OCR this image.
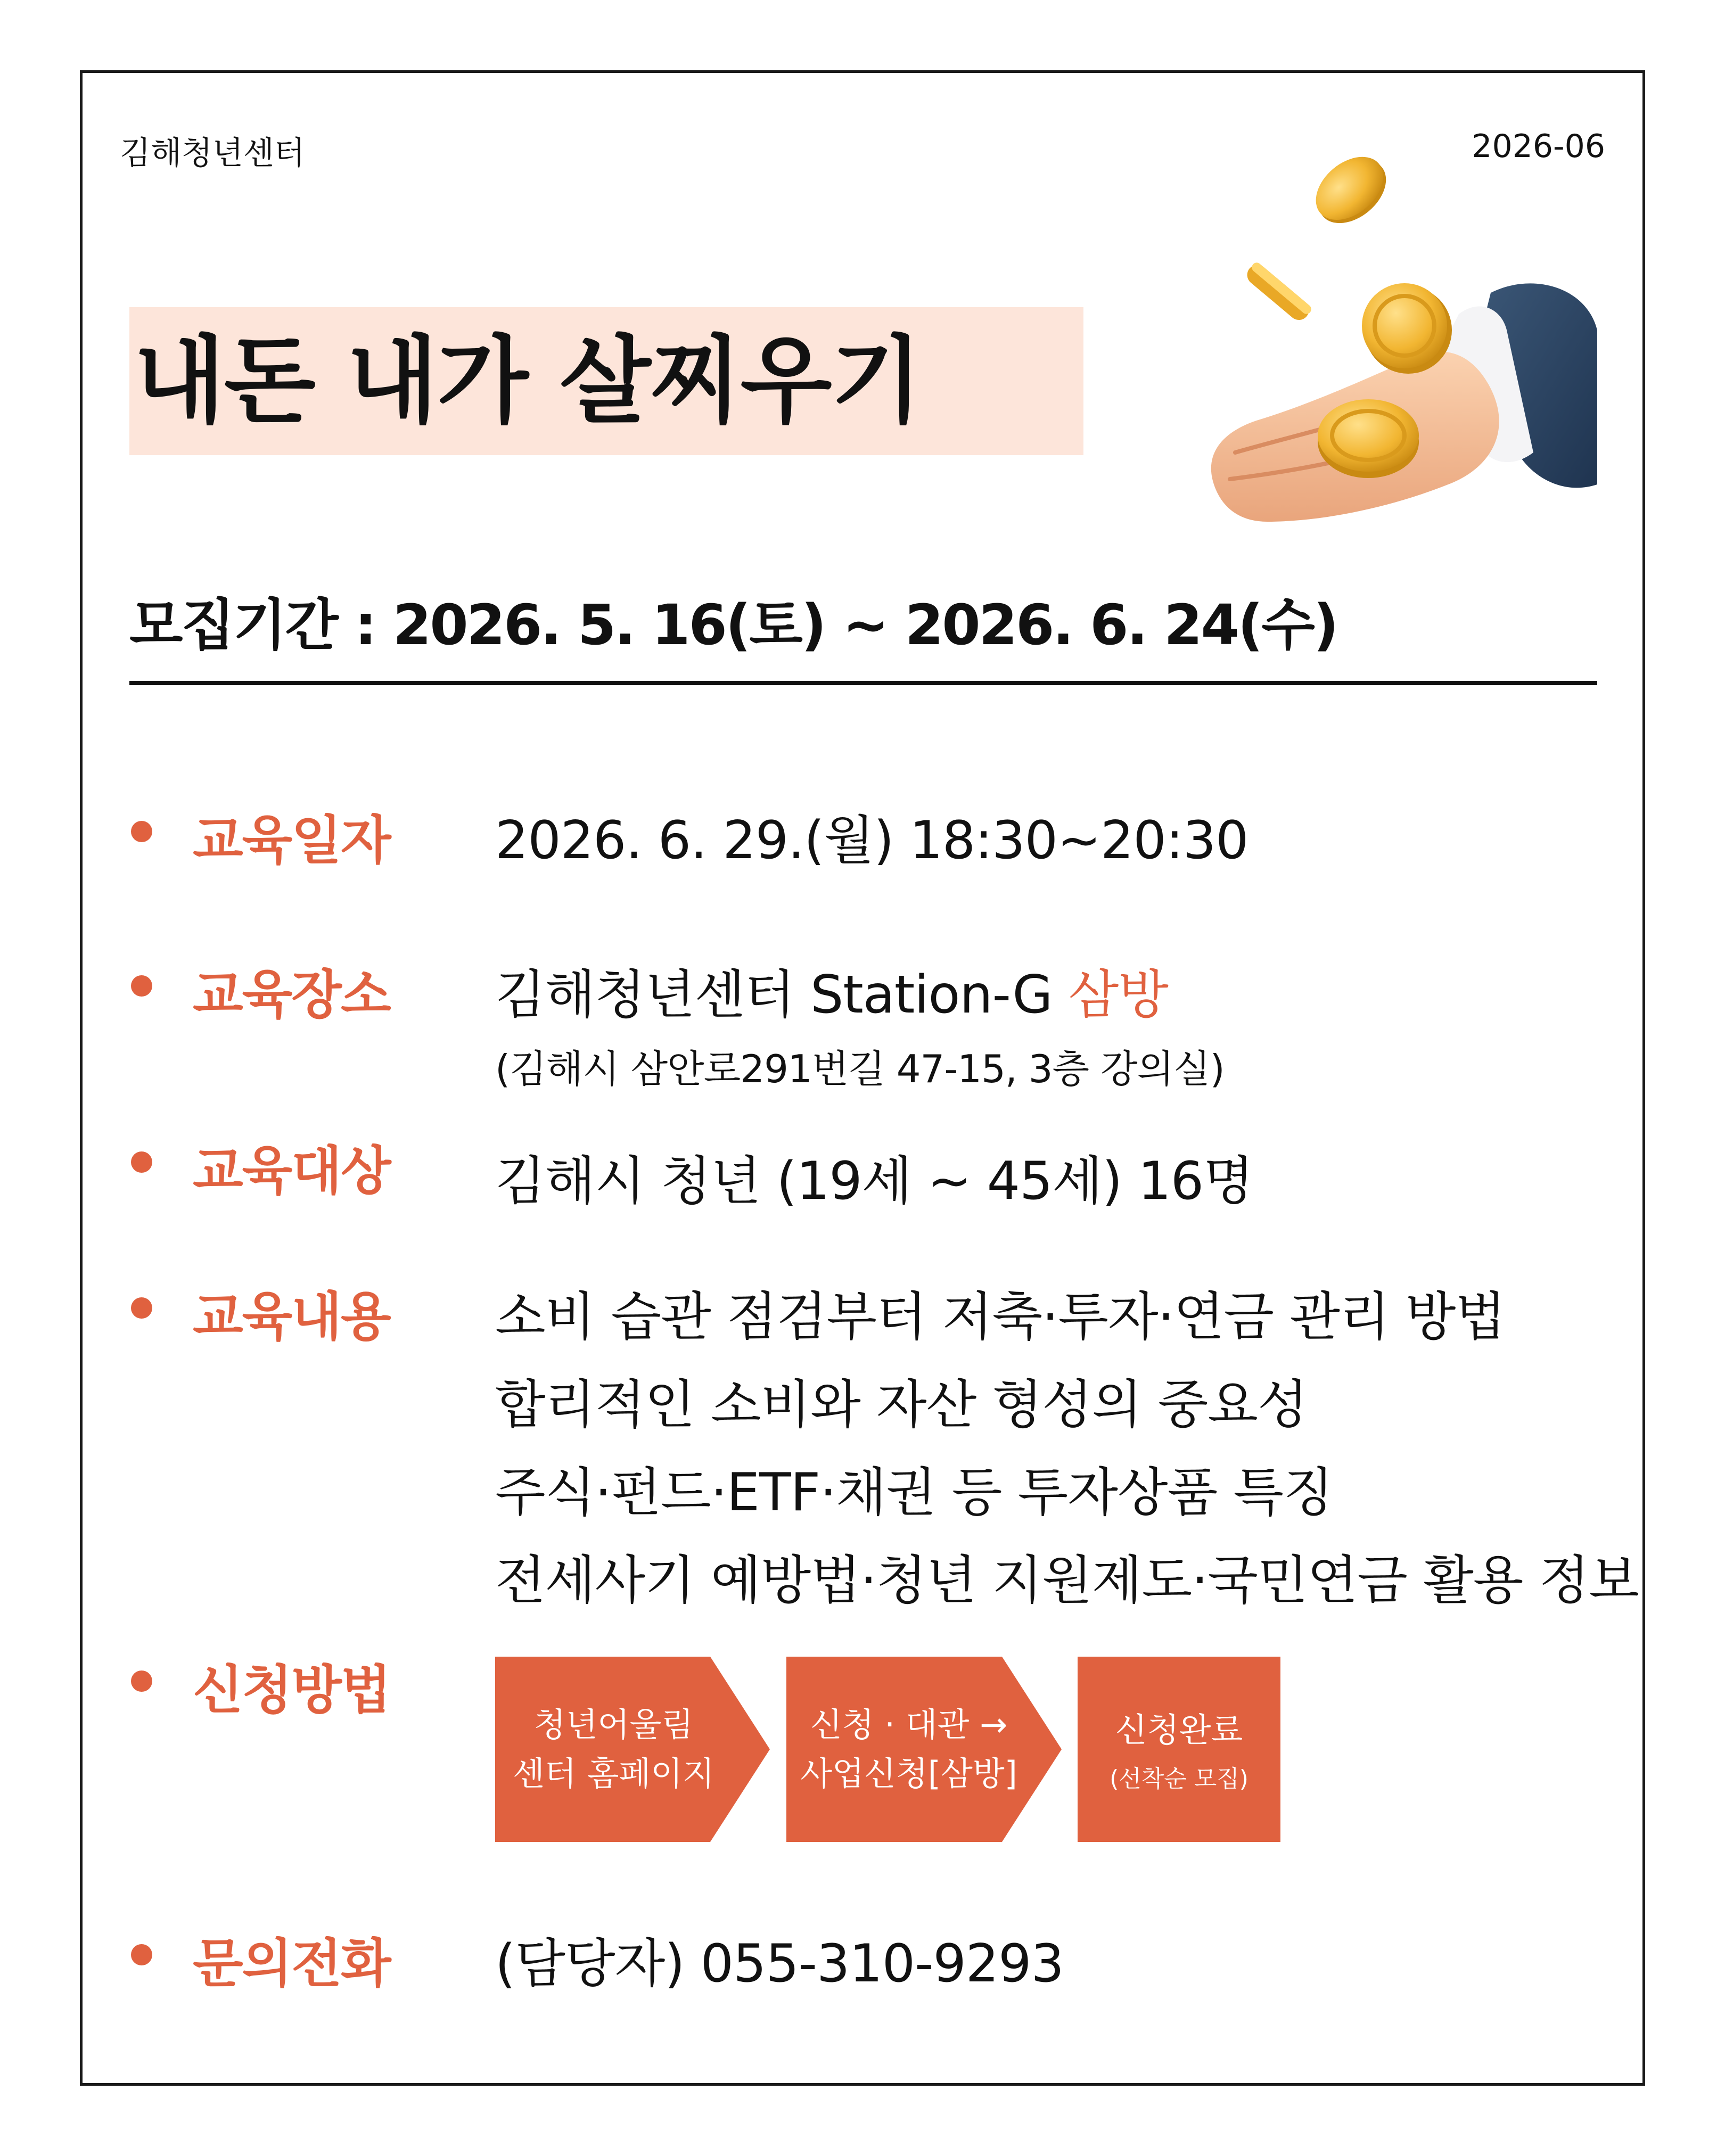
김해청년센터	2026-06
내돈 내가 살찌우기
모집기간 : 2026. 5. 16(토) ~ 2026. 6. 24(수)
교육일자 2026. 6. 29.(월) 18:30~20:30
교육장소 김해청년센터 Station-G 삼방
(김해시 삼안로291번길 47-15, 3층 강의실)
교육대상 김해시 청년 (19세 ~ 45세) 16명
교육내용 소비 습관 점검부터 저축·투자·연금 관리 방법
합리적인 소비와 자산 형성의 중요성
주식·펀드·ETF·채권 등 투자상품 특징
전세사기 예방법·청년 지원제도·국민연금 활용 정보
신청방법
청년어울림
센터 홈페이지
신청 · 대관 →
사업신청[삼방]
신청완료
(선착순 모집)
문의전화 (담당자) 055-310-9293
